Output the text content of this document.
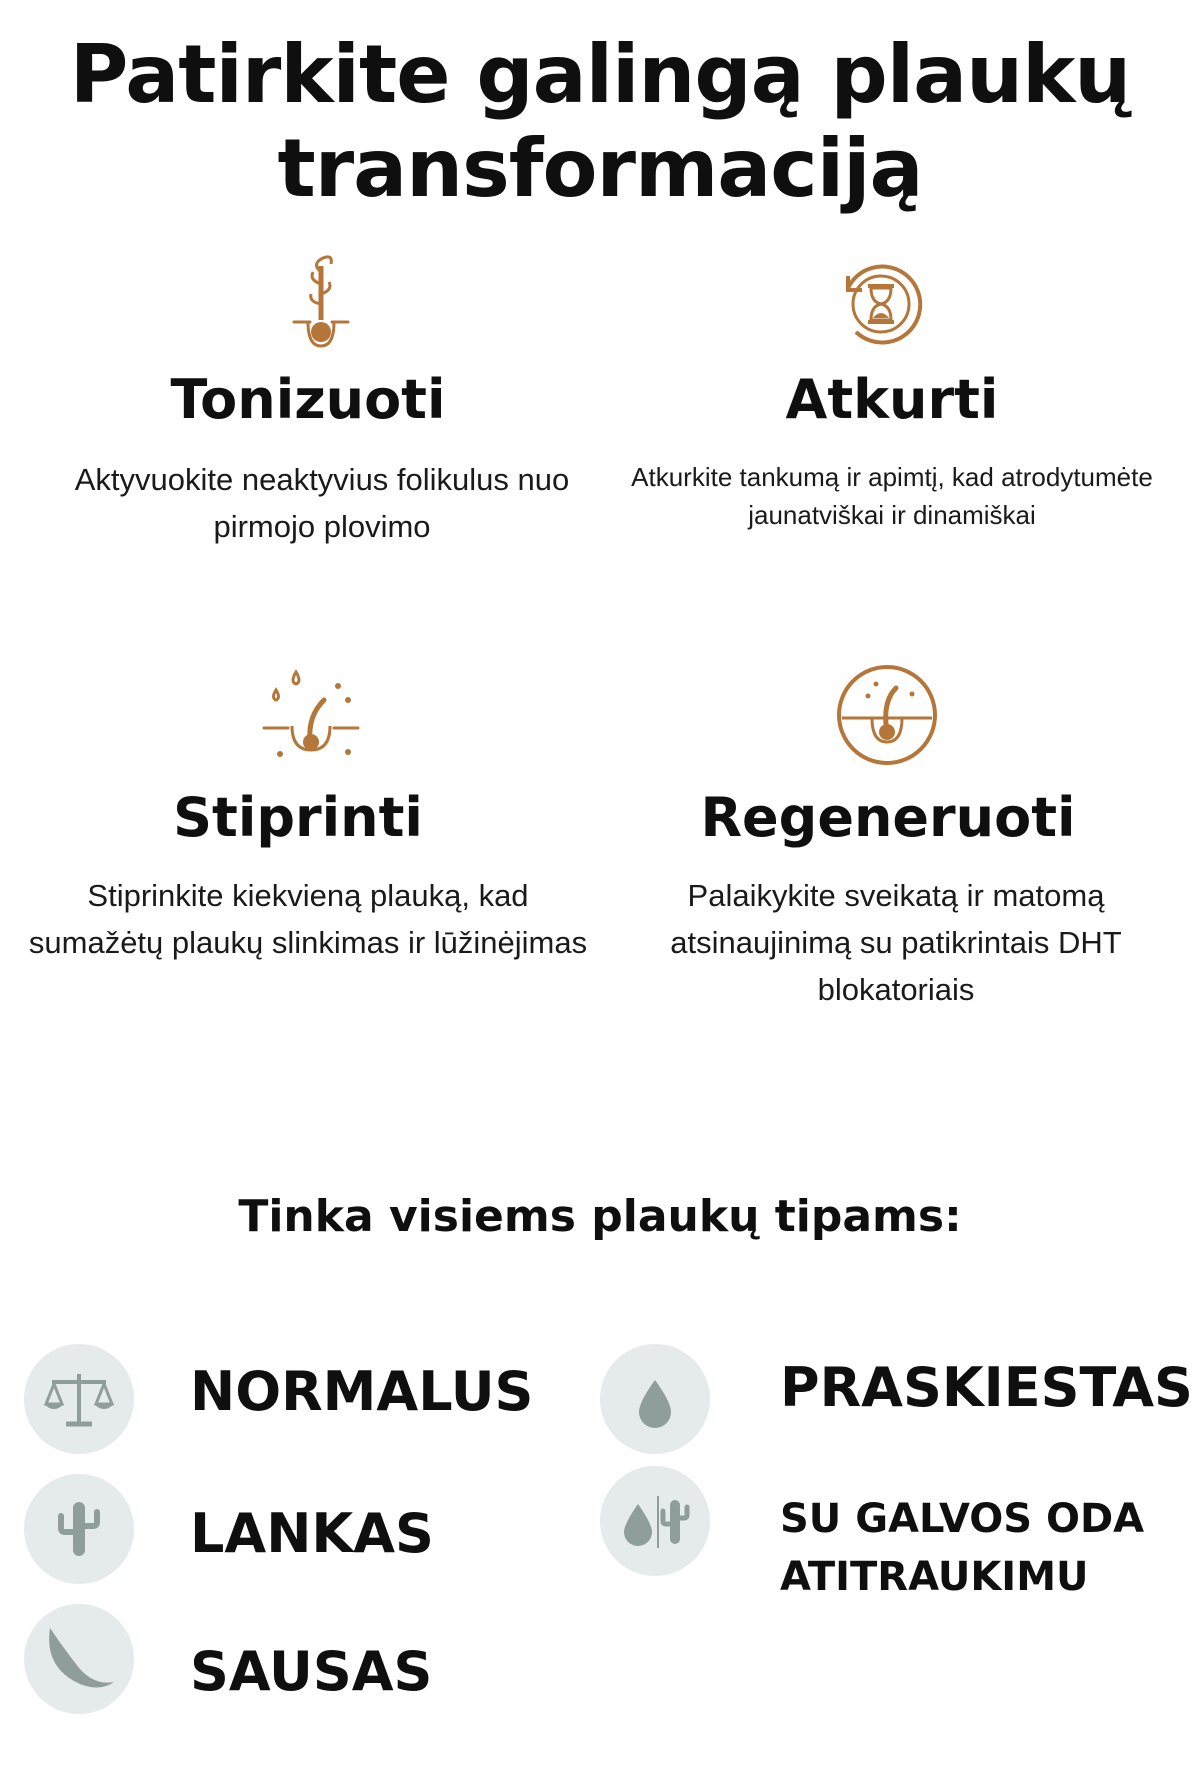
Patirkite galingą plaukų transformaciją
Tonizuoti
Aktyvuokite neaktyvius folikulus nuo pirmojo plovimo
Atkurti
Atkurkite tankumą ir apimtį, kad atrodytumėte jaunatviškai ir dinamiškai
Stiprinti
Stiprinkite kiekvieną plauką, kad sumažėtų plaukų slinkimas ir lūžinėjimas
Regeneruoti
Palaikykite sveikatą ir matomą atsinaujinimą su patikrintais DHT blokatoriais
Tinka visiems plaukų tipams:
NORMALUS
LANKAS
SAUSAS
PRASKIESTAS
SU GALVOS ODA ATITRAUKIMU
